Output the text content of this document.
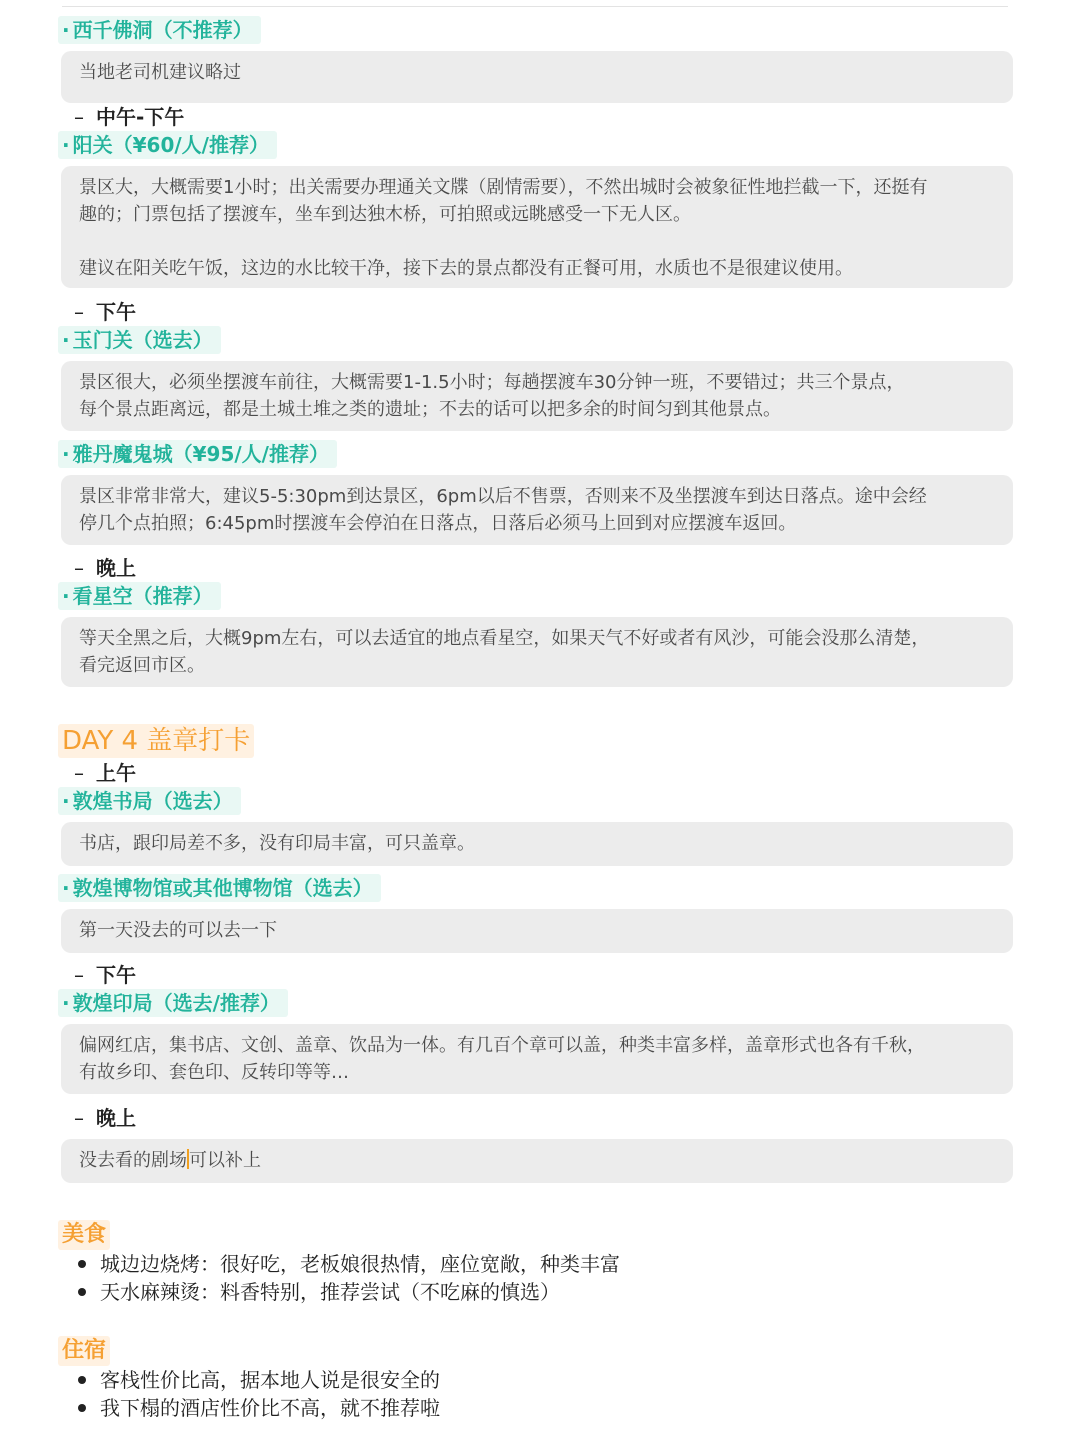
· 西千佛洞（不推荐）

当地老司机建议略过

– 中午-下午
· 阳关（¥60/人/推荐）

景区大，大概需要1小时；出关需要办理通关文牒（剧情需要），不然出城时会被象征性地拦截一下，还挺有

趣的；门票包括了摆渡车，坐车到达独木桥，可拍照或远眺感受一下无人区。

建议在阳关吃午饭，这边的水比较干净，接下去的景点都没有正餐可用，水质也不是很建议使用。

– 下午
· 玉门关（选去）

景区很大，必须坐摆渡车前往，大概需要1-1.5小时；每趟摆渡车30分钟一班，不要错过；共三个景点，

每个景点距离远，都是土城土堆之类的遗址；不去的话可以把多余的时间匀到其他景点。

· 雅丹魔鬼城（¥95/人/推荐）

景区非常非常大，建议5-5:30pm到达景区，6pm以后不售票，否则来不及坐摆渡车到达日落点。途中会经

停几个点拍照；6:45pm时摆渡车会停泊在日落点，日落后必须马上回到对应摆渡车返回。

– 晚上
· 看星空（推荐）

等天全黑之后，大概9pm左右，可以去适宜的地点看星空，如果天气不好或者有风沙，可能会没那么清楚，

看完返回市区。

DAY 4 盖章打卡
– 上午
· 敦煌书局（选去）

书店，跟印局差不多，没有印局丰富，可只盖章。

· 敦煌博物馆或其他博物馆（选去）

第一天没去的可以去一下

– 下午
· 敦煌印局（选去/推荐）

偏网红店，集书店、文创、盖章、饮品为一体。有几百个章可以盖，种类丰富多样，盖章形式也各有千秋，

有故乡印、套色印、反转印等等…

– 晚上

没去看的剧场 可以补上

美食
城边边烧烤：很好吃，老板娘很热情，座位宽敞，种类丰富
天水麻辣烫：料香特别，推荐尝试（不吃麻的慎选）
住宿
客栈性价比高，据本地人说是很安全的
我下榻的酒店性价比不高，就不推荐啦
